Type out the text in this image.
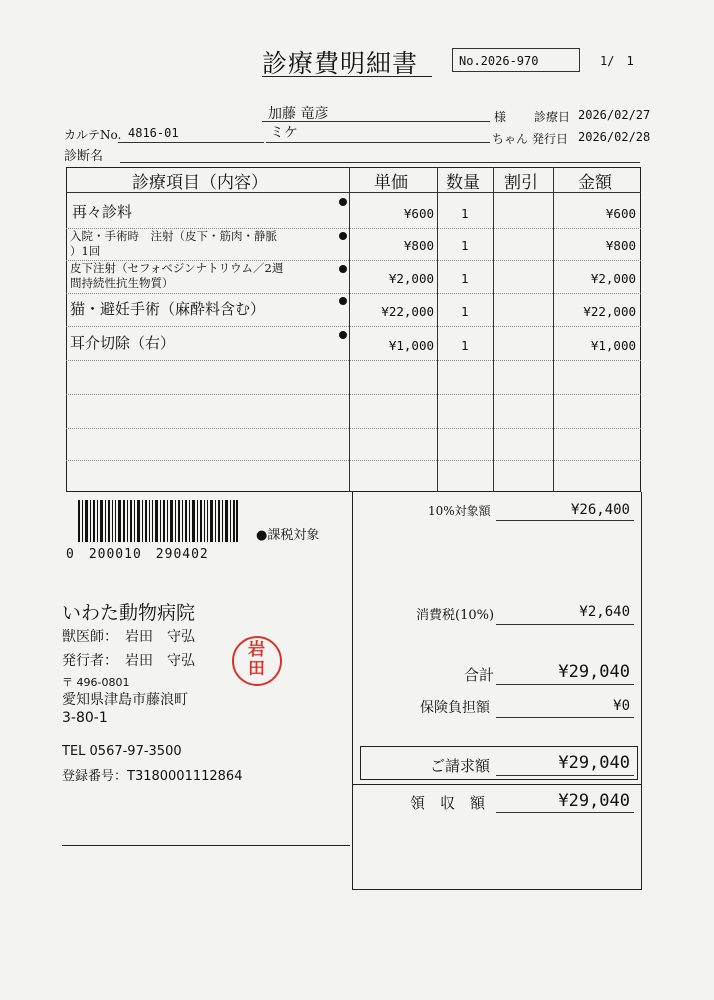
診療費明細書	No.2026-970	1/　1
加藤 竜彦	様 診療日 2026/02/27
カルテNo. 4816-01	ミケ	ちゃん 発行日 2026/02/28
診断名
診療項目（内容）	単価 数量 割引 金額
再々診料	¥600 1	¥600
入院・手術時　注射（皮下・筋肉・静脈
）1回	¥800 1	¥800
皮下注射（セフォベジンナトリウム／2週
間持続性抗生物質）	¥2,000 1	¥2,000
猫・避妊手術（麻酔料含む）	¥22,000 1	¥22,000
耳介切除（右）	¥1,000 1	¥1,000
0　200010　290402
●課税対象
いわた動物病院
獣医師：　岩田　守弘
発行者：　岩田　守弘
〒 496-0801
愛知県津島市藤浪町
3-80-1
TEL 0567-97-3500
登録番号：T3180001112864
岩
田
10%対象額	¥26,400
消費税(10%)	¥2,640
合計	¥29,040
保険負担額	¥0
ご請求額	¥29,040
領　収　額	¥29,040
